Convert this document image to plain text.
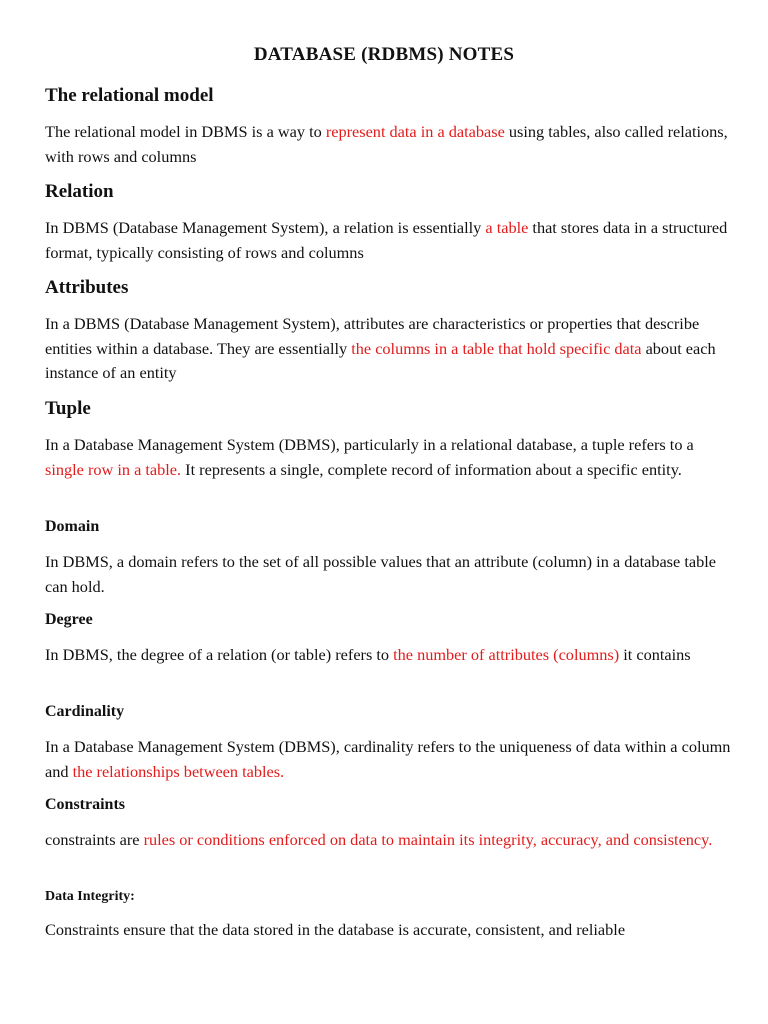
DATABASE (RDBMS) NOTES
The relational model

The relational model in DBMS is a way to represent data in a database using tables, also called relations, with rows and columns

Relation

In DBMS (Database Management System), a relation is essentially a table that stores data in a structured format, typically consisting of rows and columns

Attributes

In a DBMS (Database Management System), attributes are characteristics or properties that describe entities within a database. They are essentially the columns in a table that hold specific data about each instance of an entity

Tuple

In a Database Management System (DBMS), particularly in a relational database, a tuple refers to a single row in a table. It represents a single, complete record of information about a specific entity.

Domain

In DBMS, a domain refers to the set of all possible values that an attribute (column) in a database table can hold.

Degree

In DBMS, the degree of a relation (or table) refers to the number of attributes (columns) it contains

Cardinality

In a Database Management System (DBMS), cardinality refers to the uniqueness of data within a column and the relationships between tables.

Constraints

constraints are rules or conditions enforced on data to maintain its integrity, accuracy, and consistency.

Data Integrity:

Constraints ensure that the data stored in the database is accurate, consistent, and reliable
